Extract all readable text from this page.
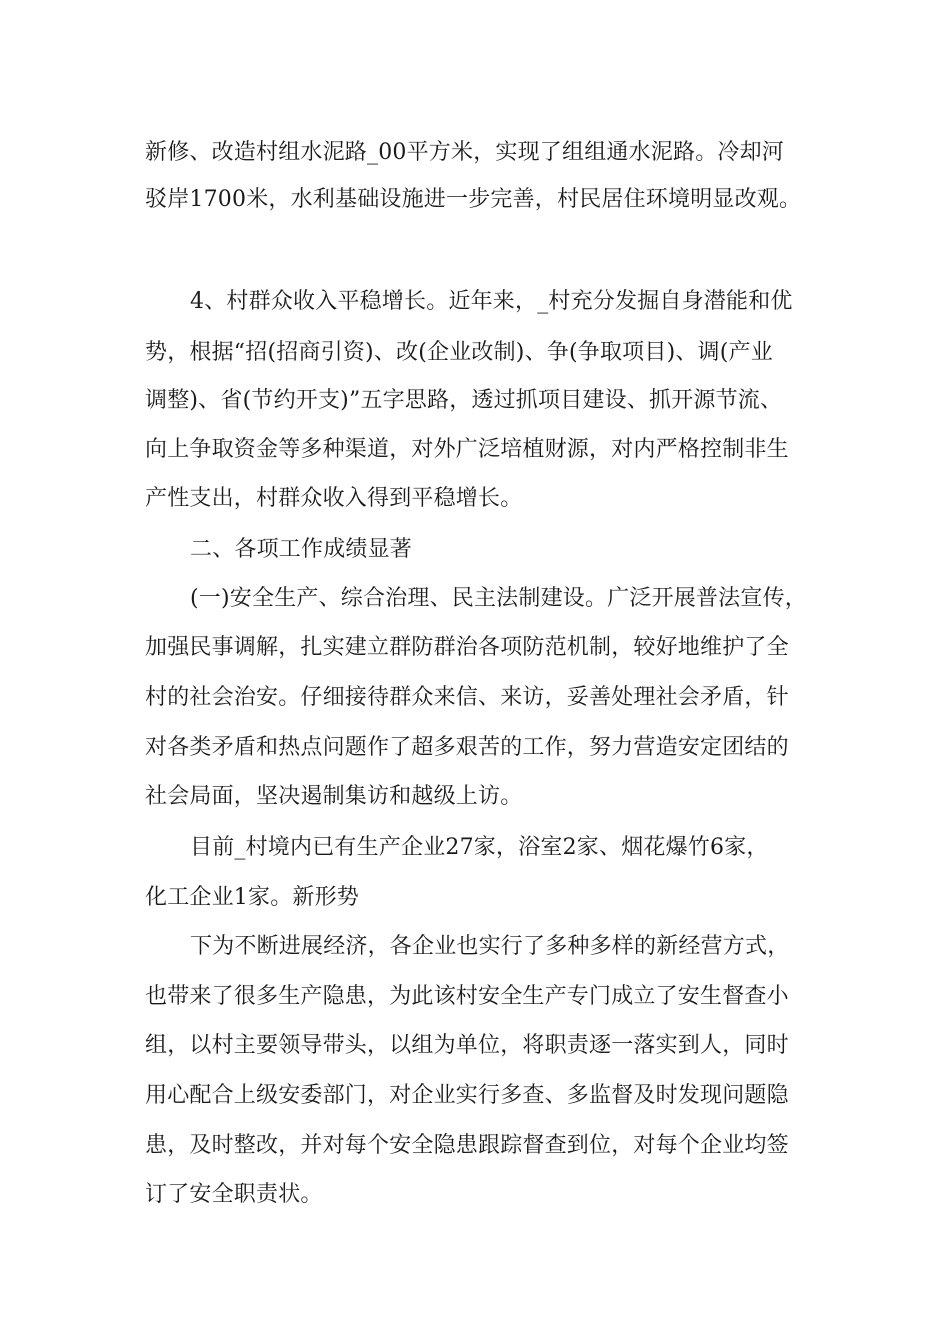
新修、改造村组水泥路_00平方米，实现了组组通水泥路。冷却河
驳岸1700米，水利基础设施进一步完善，村民居住环境明显改观。
4、村群众收入平稳增长。近年来，_村充分发掘自身潜能和优
势，根据“招(招商引资)、改(企业改制)、争(争取项目)、调(产业
调整)、省(节约开支)”五字思路，透过抓项目建设、抓开源节流、
向上争取资金等多种渠道，对外广泛培植财源，对内严格控制非生
产性支出，村群众收入得到平稳增长。
二、各项工作成绩显著
(一)安全生产、综合治理、民主法制建设。广泛开展普法宣传，
加强民事调解，扎实建立群防群治各项防范机制，较好地维护了全
村的社会治安。仔细接待群众来信、来访，妥善处理社会矛盾，针
对各类矛盾和热点问题作了超多艰苦的工作，努力营造安定团结的
社会局面，坚决遏制集访和越级上访。
目前_村境内已有生产企业27家，浴室2家、烟花爆竹6家，
化工企业1家。新形势
下为不断进展经济，各企业也实行了多种多样的新经营方式，
也带来了很多生产隐患，为此该村安全生产专门成立了安生督查小
组，以村主要领导带头，以组为单位，将职责逐一落实到人，同时
用心配合上级安委部门，对企业实行多查、多监督及时发现问题隐
患，及时整改，并对每个安全隐患跟踪督查到位，对每个企业均签
订了安全职责状。
